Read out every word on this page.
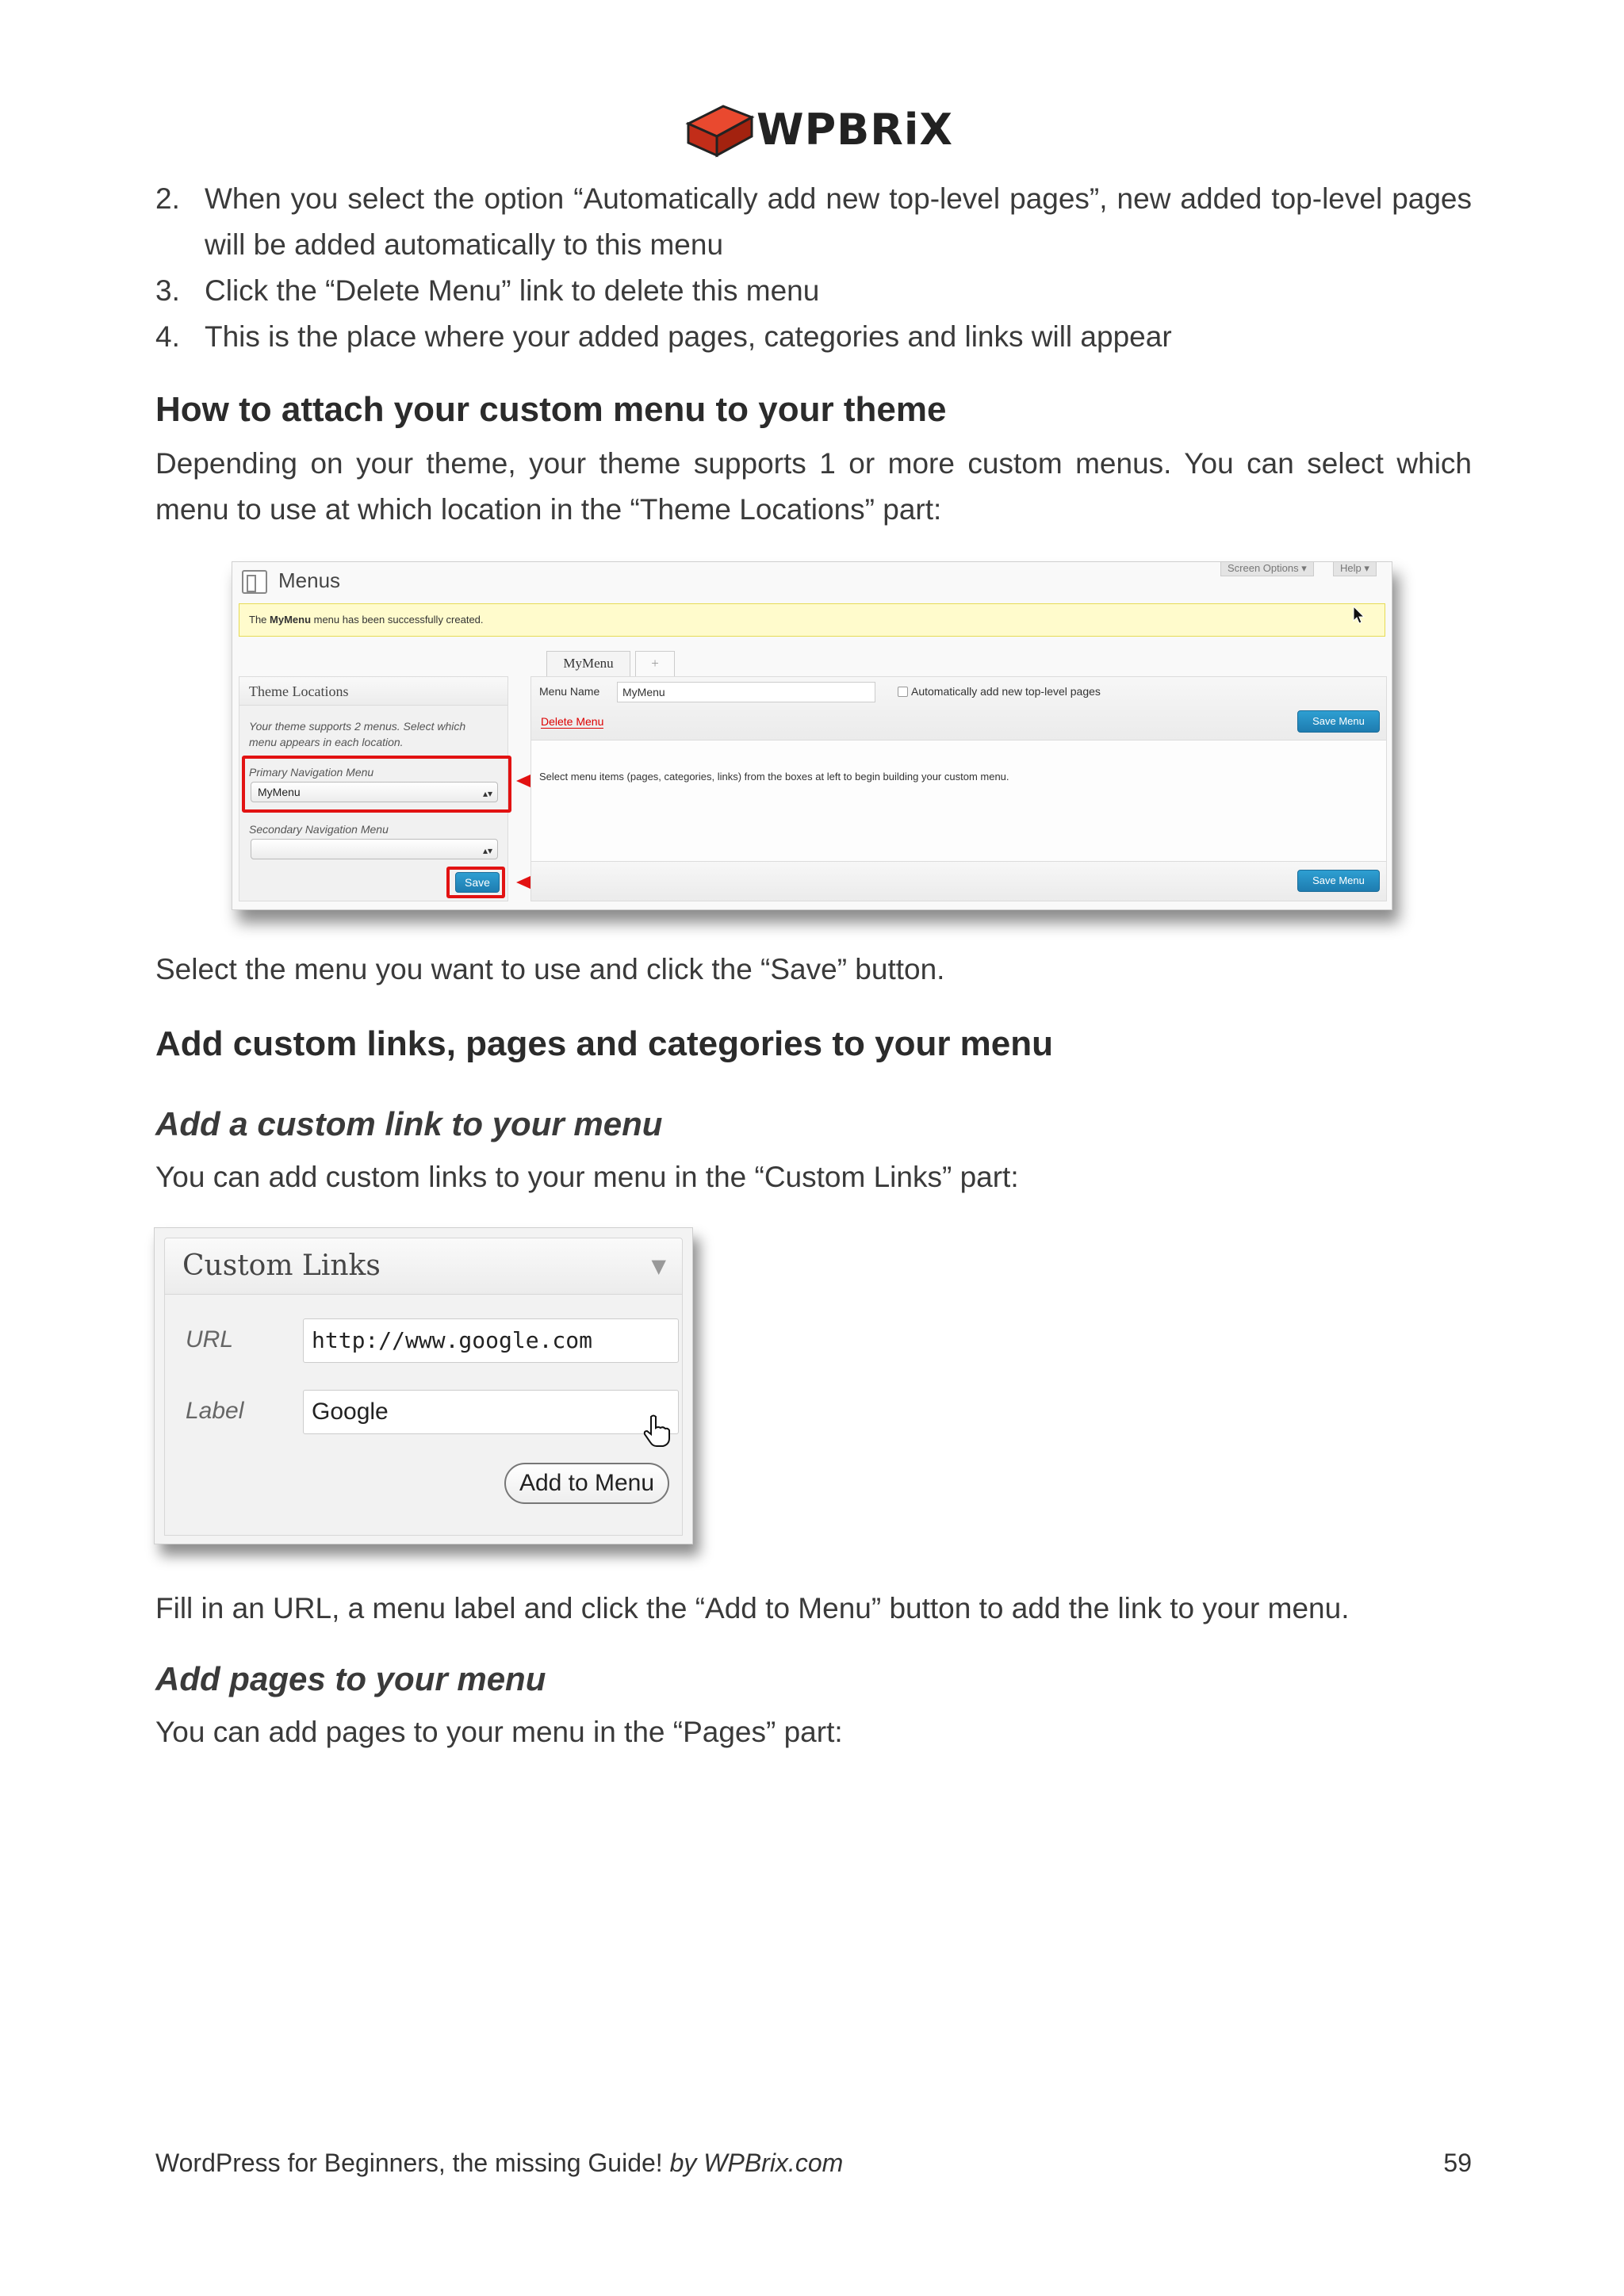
WPBRiX
2. When you select the option “Automatically add new top-level pages”, new added top-level pages will be added automatically to this menu
3. Click the “Delete Menu” link to delete this menu
4. This is the place where your added pages, categories and links will appear
How to attach your custom menu to your theme
Depending on your theme, your theme supports 1 or more custom menus. You can select which menu to use at which location in the “Theme Locations” part:
Menus
Screen Options ▾	Help ▾
The MyMenu menu has been successfully created.
MyMenu	+
Theme Locations
Your theme supports 2 menus. Select which menu appears in each location.
Primary Navigation Menu
MyMenu	▴▾
Secondary Navigation Menu
▴▾
Save
Menu Name	MyMenu	Automatically add new top-level pages
Delete Menu	Save Menu
Select menu items (pages, categories, links) from the boxes at left to begin building your custom menu.
Save Menu
Select the menu you want to use and click the “Save” button.
Add custom links, pages and categories to your menu
Add a custom link to your menu
You can add custom links to your menu in the “Custom Links” part:
Custom Links	▼
URL	http://www.google.com
Label	Google
Add to Menu
Fill in an URL, a menu label and click the “Add to Menu” button to add the link to your menu.
Add pages to your menu
You can add pages to your menu in the “Pages” part:
WordPress for Beginners, the missing Guide! by WPBrix.com	59
